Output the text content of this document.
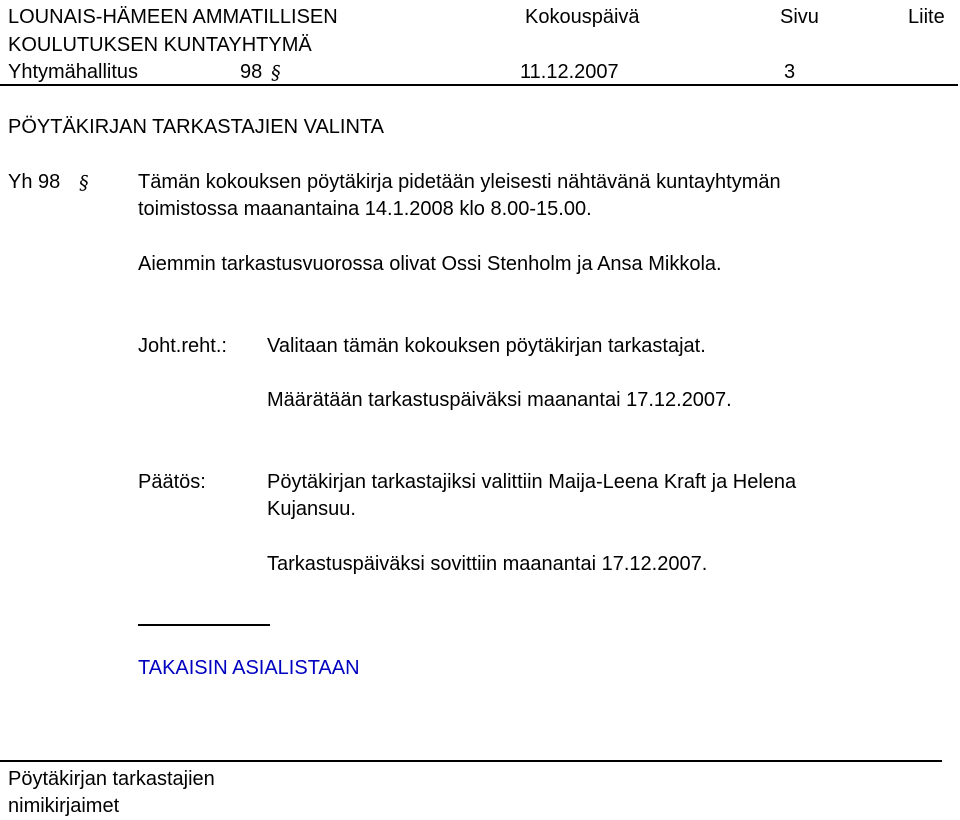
LOUNAIS-HÄMEEN AMMATILLISEN
KOULUTUKSEN KUNTAYHTYMÄ
Kokouspäivä	Sivu	Liite
Yhtymähallitus	98 §	11.12.2007	3
PÖYTÄKIRJAN TARKASTAJIEN VALINTA
Yh 98 § Tämän kokouksen pöytäkirja pidetään yleisesti nähtävänä kuntayhtymän
toimistossa maanantaina 14.1.2008 klo 8.00-15.00.
Aiemmin tarkastusvuorossa olivat Ossi Stenholm ja Ansa Mikkola.
Joht.reht.: Valitaan tämän kokouksen pöytäkirjan tarkastajat.
Määrätään tarkastuspäiväksi maanantai 17.12.2007.
Päätös:	Pöytäkirjan tarkastajiksi valittiin Maija-Leena Kraft ja Helena
Kujansuu.
Tarkastuspäiväksi sovittiin maanantai 17.12.2007.
TAKAISIN ASIALISTAAN
Pöytäkirjan tarkastajien
nimikirjaimet
